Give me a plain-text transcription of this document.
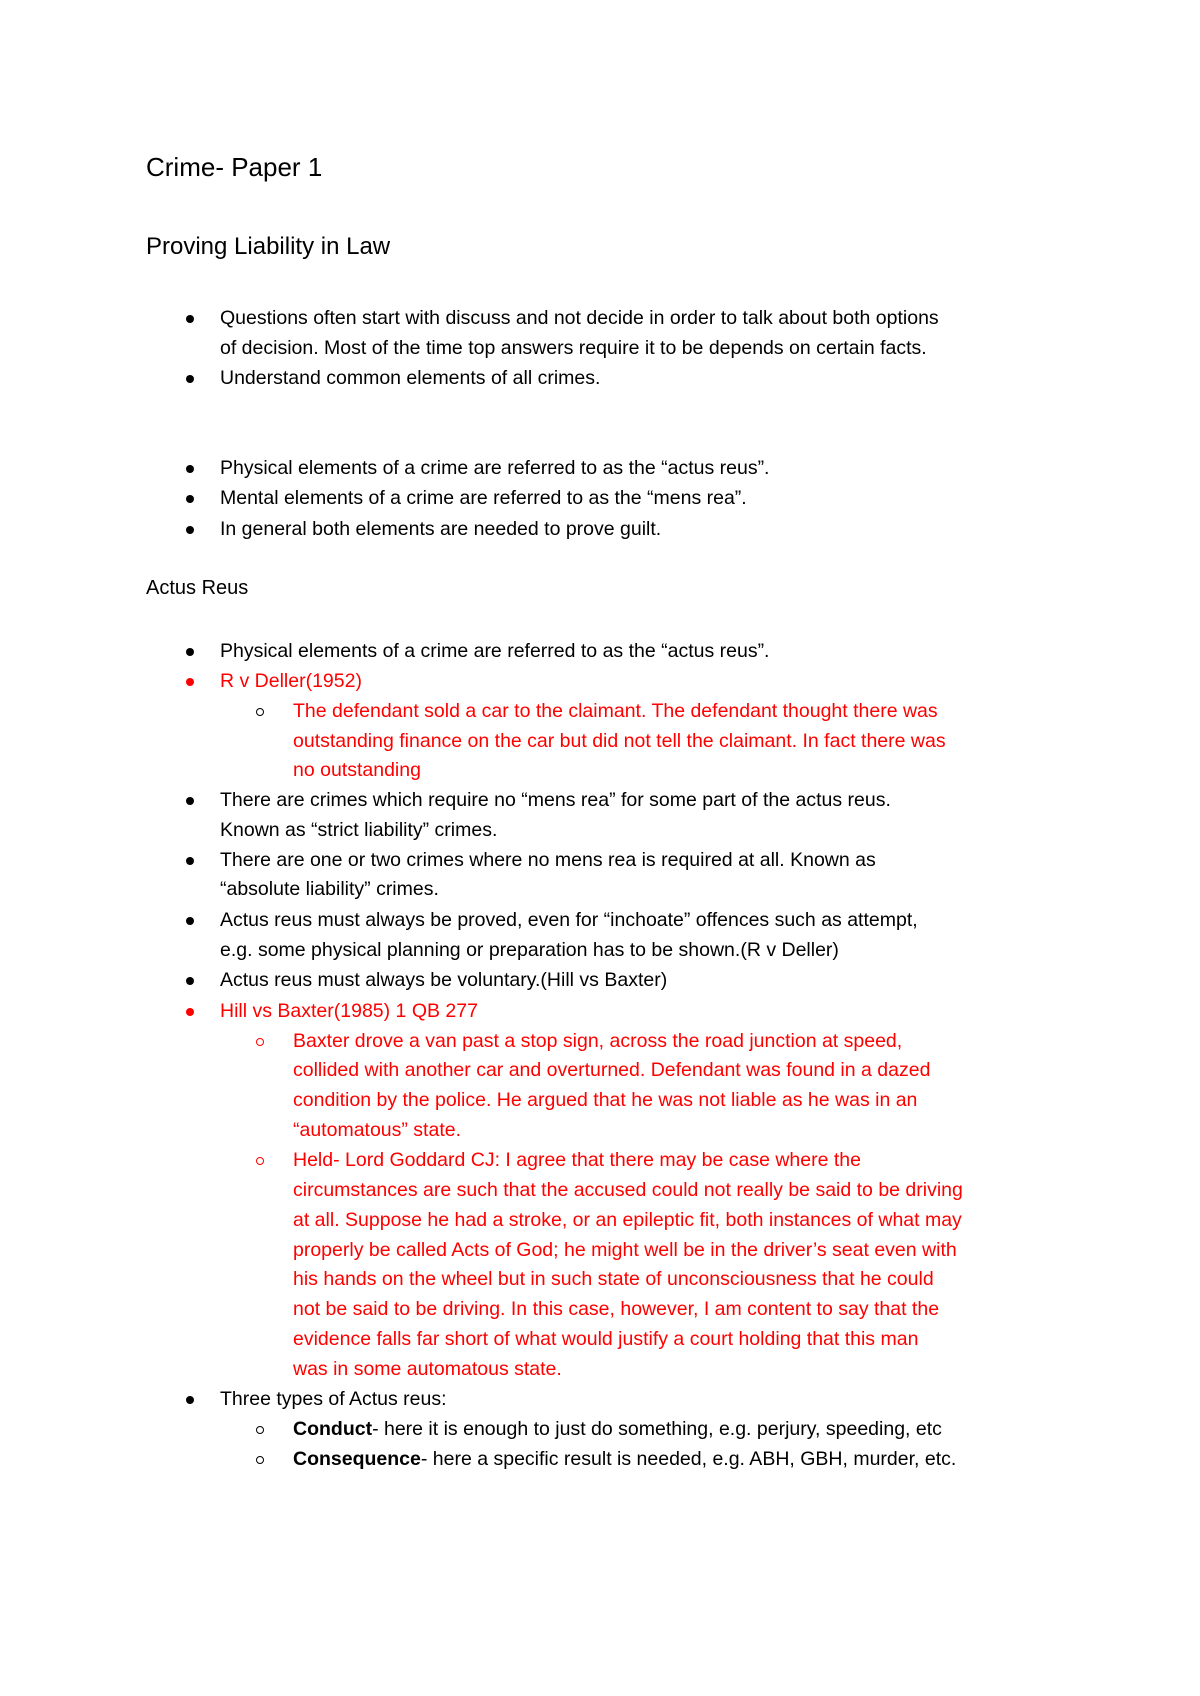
Crime- Paper 1
Proving Liability in Law
Questions often start with discuss and not decide in order to talk about both options
of decision. Most of the time top answers require it to be depends on certain facts.
Understand common elements of all crimes.
Physical elements of a crime are referred to as the “actus reus”.
Mental elements of a crime are referred to as the “mens rea”.
In general both elements are needed to prove guilt.
Actus Reus
Physical elements of a crime are referred to as the “actus reus”.
R v Deller(1952)
The defendant sold a car to the claimant. The defendant thought there was
outstanding finance on the car but did not tell the claimant. In fact there was
no outstanding
There are crimes which require no “mens rea” for some part of the actus reus.
Known as “strict liability” crimes.
There are one or two crimes where no mens rea is required at all. Known as
“absolute liability” crimes.
Actus reus must always be proved, even for “inchoate” offences such as attempt,
e.g. some physical planning or preparation has to be shown.(R v Deller)
Actus reus must always be voluntary.(Hill vs Baxter)
Hill vs Baxter(1985) 1 QB 277
Baxter drove a van past a stop sign, across the road junction at speed,
collided with another car and overturned. Defendant was found in a dazed
condition by the police. He argued that he was not liable as he was in an
“automatous” state.
Held- Lord Goddard CJ: I agree that there may be case where the
circumstances are such that the accused could not really be said to be driving
at all. Suppose he had a stroke, or an epileptic fit, both instances of what may
properly be called Acts of God; he might well be in the driver’s seat even with
his hands on the wheel but in such state of unconsciousness that he could
not be said to be driving. In this case, however, I am content to say that the
evidence falls far short of what would justify a court holding that this man
was in some automatous state.
Three types of Actus reus:
Conduct- here it is enough to just do something, e.g. perjury, speeding, etc
Consequence- here a specific result is needed, e.g. ABH, GBH, murder, etc.
